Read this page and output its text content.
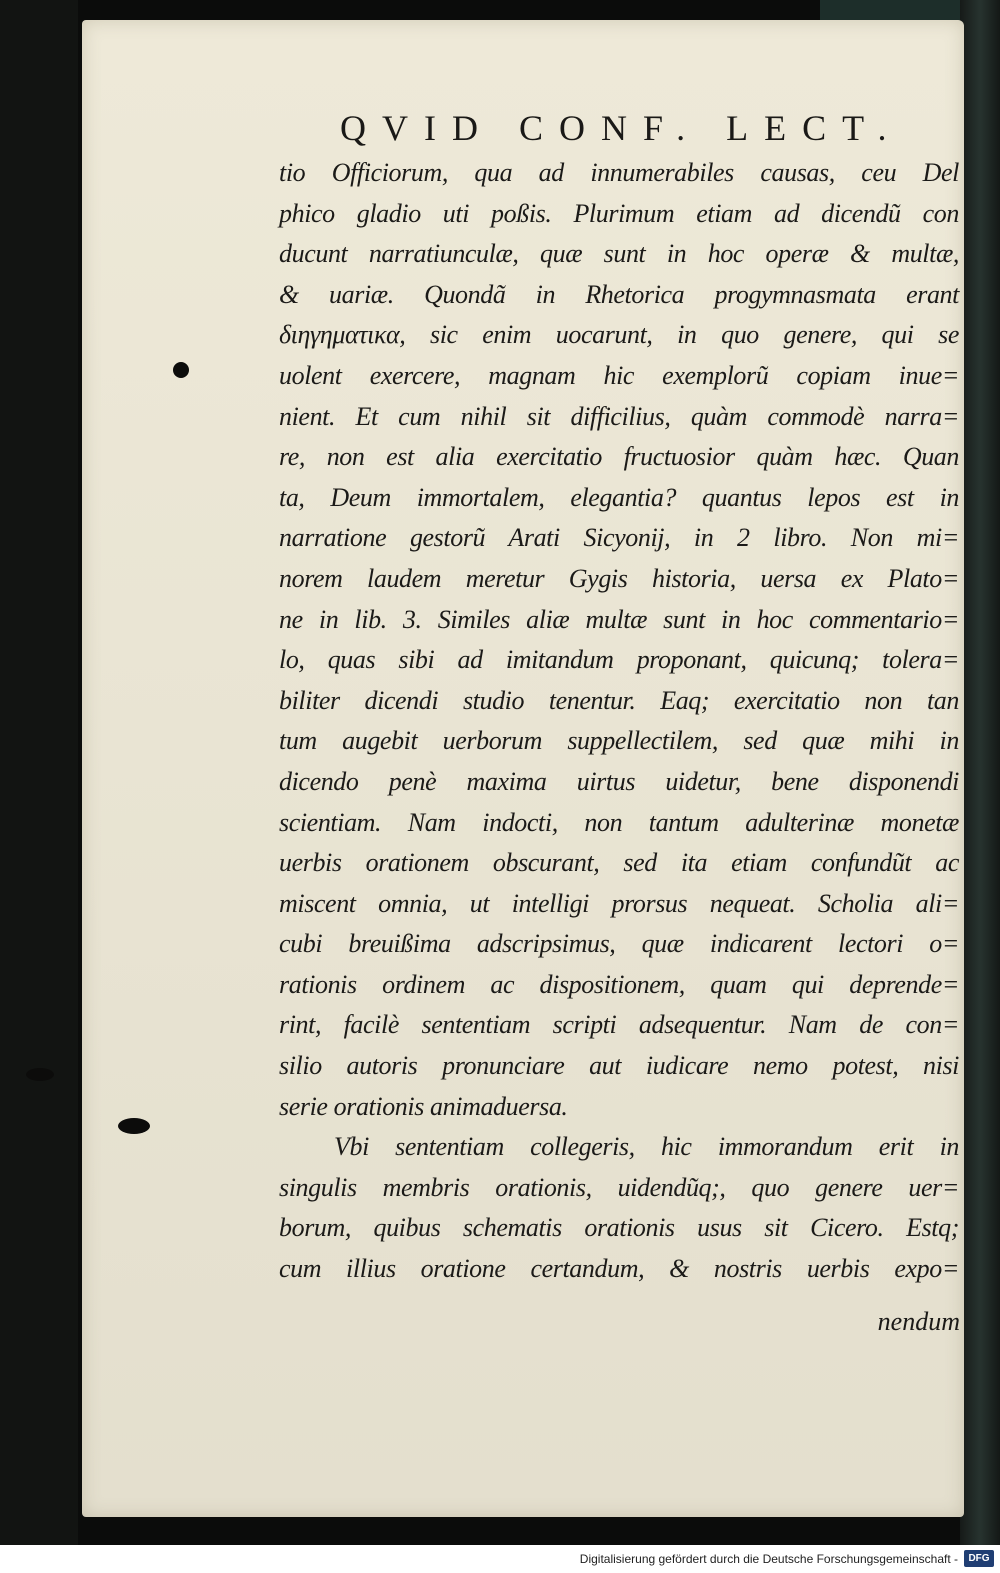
QVID CONF. LECT.
tio Officiorum, qua ad innumerabiles causas, ceu Del
phico gladio uti poßis. Plurimum etiam ad dicendũ con
ducunt narratiunculæ, quæ sunt in hoc operæ & multæ,
& uariæ. Quondã in Rhetorica progymnasmata erant
διηγηματικα, sic enim uocarunt, in quo genere, qui se
uolent exercere, magnam hic exemplorũ copiam inue=
nient. Et cum nihil sit difficilius, quàm commodè narra=
re, non est alia exercitatio fructuosior quàm hæc. Quan
ta, Deum immortalem, elegantia? quantus lepos est in
narratione gestorũ Arati Sicyonij, in 2 libro. Non mi=
norem laudem meretur Gygis historia, uersa ex Plato=
ne in lib. 3. Similes aliæ multæ sunt in hoc commentario=
lo, quas sibi ad imitandum proponant, quicunq; tolera=
biliter dicendi studio tenentur. Eaq; exercitatio non tan
tum augebit uerborum suppellectilem, sed quæ mihi in
dicendo penè maxima uirtus uidetur, bene disponendi
scientiam. Nam indocti, non tantum adulterinæ monetæ
uerbis orationem obscurant, sed ita etiam confundũt ac
miscent omnia, ut intelligi prorsus nequeat. Scholia ali=
cubi breuißima adscripsimus, quæ indicarent lectori o=
rationis ordinem ac dispositionem, quam qui deprende=
rint, facilè sententiam scripti adsequentur. Nam de con=
silio autoris pronunciare aut iudicare nemo potest, nisi
serie orationis animaduersa.
Vbi sententiam collegeris, hic immorandum erit in
singulis membris orationis, uidendũq;, quo genere uer=
borum, quibus schematis orationis usus sit Cicero. Estq;
cum illius oratione certandum, & nostris uerbis expo=
nendum
Digitalisierung gefördert durch die Deutsche Forschungsgemeinschaft -	DFG
